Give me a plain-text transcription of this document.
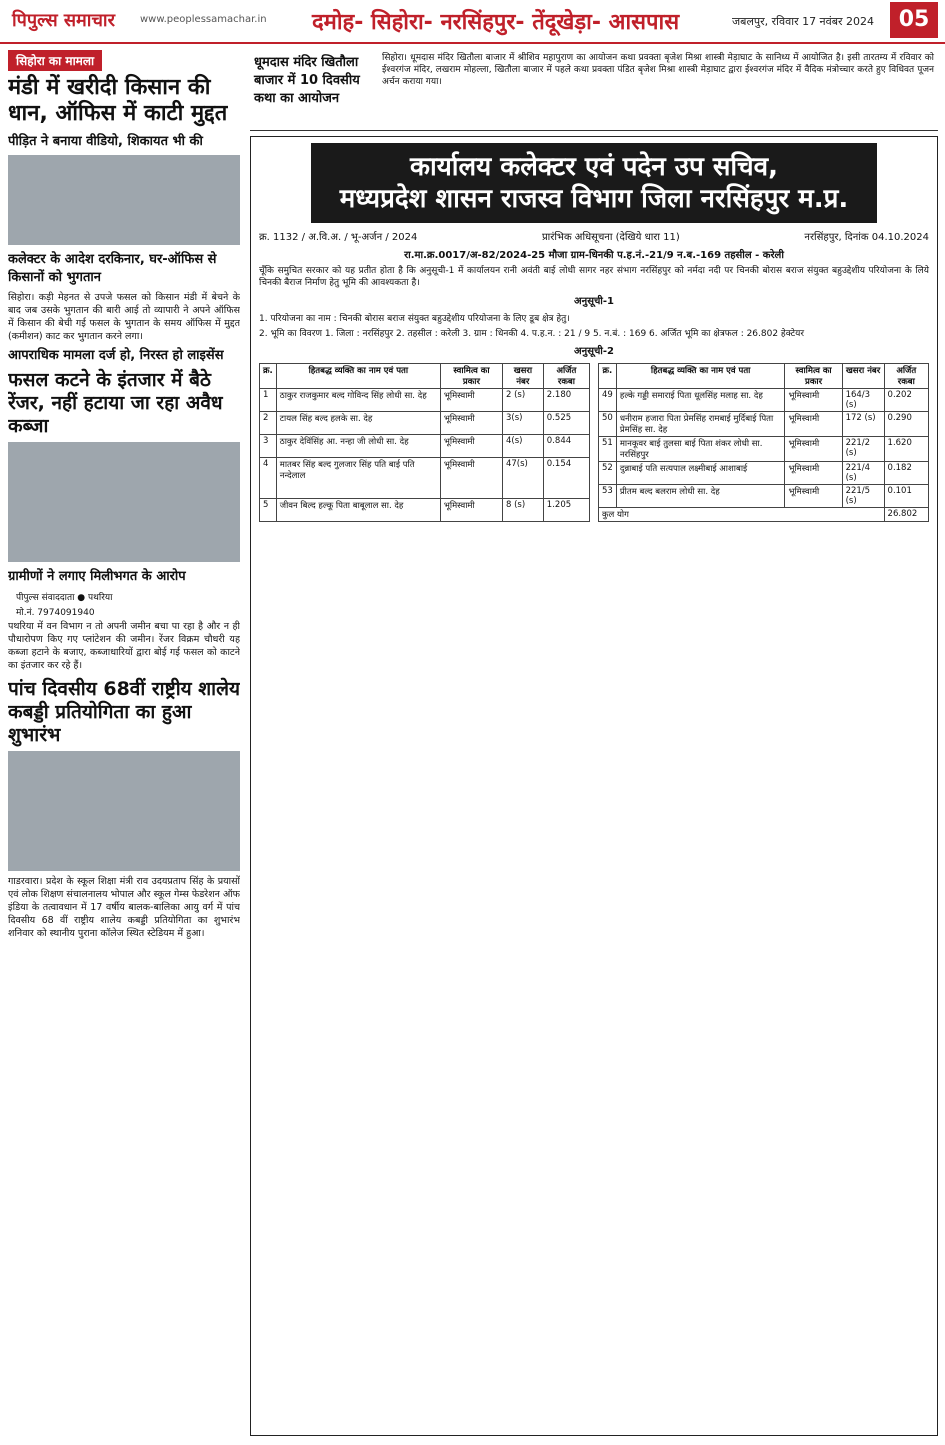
पिपुल्स समाचार	www.peoplessamachar.in दमोह- सिहोरा- नरसिंहपुर- तेंदूखेड़ा- आसपास	जबलपुर, रविवार 17 नवंबर 2024	05
सिहोरा का मामला
मंडी में खरीदी किसान की धान, ऑफिस में काटी मुद्दत
पीड़ित ने बनाया वीडियो, शिकायत भी की
कलेक्टर के आदेश दरकिनार, घर-ऑफिस से किसानों को भुगतान

सिहोरा। कड़ी मेहनत से उपजे फसल को किसान मंडी में बेचने के बाद जब उसके भुगतान की बारी आई तो व्यापारी ने अपने ऑफिस में किसान की बेची गई फसल के भुगतान के समय ऑफिस में मुद्दत (कमीशन) काट कर भुगतान करने लगा।

आपराधिक मामला दर्ज हो, निरस्त हो लाइसेंस
फसल कटने के इंतजार में बैठे रेंजर, नहीं हटाया जा रहा अवैध कब्जा
ग्रामीणों ने लगाए मिलीभगत के आरोप
पीपुल्स संवाददाता ● पथरिया
मो.नं. 7974091940

पथरिया में वन विभाग न तो अपनी जमीन बचा पा रहा है और न ही पौधारोपण किए गए प्लांटेशन की जमीन। रेंजर विक्रम चौधरी यह कब्जा हटाने के बजाए, कब्जाधारियों द्वारा बोई गई फसल को काटने का इंतजार कर रहे हैं।

पांच दिवसीय 68वीं राष्ट्रीय शालेय कबड्डी प्रतियोगिता का हुआ शुभारंभ

गाडरवारा। प्रदेश के स्कूल शिक्षा मंत्री राव उदयप्रताप सिंह के प्रयासों एवं लोक शिक्षण संचालनालय भोपाल और स्कूल गेम्स फेडरेशन ऑफ इंडिया के तत्वावधान में 17 वर्षीय बालक-बालिका आयु वर्ग में पांच दिवसीय 68 वीं राष्ट्रीय शालेय कबड्डी प्रतियोगिता का शुभारंभ शनिवार को स्थानीय पुराना कॉलेज स्थित स्टेडियम में हुआ।

धूमदास मंदिर खितौला बाजार में 10 दिवसीय कथा का आयोजन
सिहोरा। धूमदास मंदिर खितौला बाजार में श्रीशिव महापुराण का आयोजन कथा प्रवक्ता बृजेश मिश्रा शास्त्री मेड़ाघाट के सानिध्य में आयोजित है। इसी तारतम्य में रविवार को ईश्वरगंज मंदिर, लखराम मोहल्ला, खितौला बाजार में पहले कथा प्रवक्ता पंडित बृजेश मिश्रा शास्त्री मेड़ाघाट द्वारा ईश्वरगंज मंदिर में वैदिक मंत्रोच्चार करते हुए विधिवत पूजन अर्चन कराया गया।
कार्यालय कलेक्टर एवं पदेन उप सचिव,
मध्यप्रदेश शासन राजस्व विभाग जिला नरसिंहपुर म.प्र.
क्र. 1132 / अ.वि.अ. / भू-अर्जन / 2024	प्रारंभिक अधिसूचना (देखिये धारा 11)	नरसिंहपुर, दिनांक 04.10.2024
रा.मा.क्र.0017/अ-82/2024-25 मौजा ग्राम-धिनकी प.ह.नं.-21/9 न.ब.-169 तहसील - करेली

चूँकि समुचित सरकार को यह प्रतीत होता है कि अनुसूची-1 में कार्यालयन रानी अवंती बाई लोधी सागर नहर संभाग नरसिंहपुर को नर्मदा नदी पर चिनकी बोरास बराज संयुक्त बहुउद्देशीय परियोजना के लिये चिनकी बैराज निर्माण हेतु भूमि की आवश्यकता है।

अनुसूची-1
1. परियोजना का नाम : चिनकी बोरास बराज संयुक्त बहुउद्देशीय परियोजना के लिए डूब क्षेत्र हेतु।
2. भूमि का विवरण 1. जिला : नरसिंहपुर 2. तहसील : करेली 3. ग्राम : धिनकी 4. प.ह.न. : 21 / 9 5. न.बं. : 169 6. अर्जित भूमि का क्षेत्रफल : 26.802 हेक्टेयर
अनुसूची-2
क्र.	हितबद्ध व्यक्ति का नाम एवं पता	स्वामित्व का प्रकार	खसरा नंबर	अर्जित रकबा
1	ठाकुर राजकुमार बल्द गोविन्द सिंह लोधी सा. देह	भूमिस्वामी	2 (s)	2.180
2	टायल सिंह बल्द हलके सा. देह	भूमिस्वामी	3(s)	0.525
3	ठाकुर देविंसिंह आ. नन्हा जी लोधी सा. देह	भूमिस्वामी	4(s)	0.844
4	मातबर सिंह बल्द गुलजार सिंह पति बाई पति नन्देलाल	भूमिस्वामी	47(s)	0.154
5	जीवन बिल्द हल्कू पिता बाबूलाल सा. देह	भूमिस्वामी	8 (s)	1.205
क्र.	हितबद्ध व्यक्ति का नाम एवं पता	स्वामित्व का प्रकार	खसरा नंबर	अर्जित रकबा
49	हल्के गड्डी समाराई पिता धूलसिंह मलाह सा. देह	भूमिस्वामी	164/3 (s)	0.202
50	धनीराम हजारा पिता प्रेमसिंह रामबाई मुर्दिबाई पिता प्रेमसिंह सा. देह	भूमिस्वामी	172 (s)	0.290
51	मानकूवर बाई तुलसा बाई पिता शंकर लोधी सा. नरसिंहपुर	भूमिस्वामी	221/2 (s)	1.620
52	दुन्नाबाई पति सत्यपाल लक्ष्मीबाई आशाबाई	भूमिस्वामी	221/4 (s)	0.182
53	प्रीतम बल्द बलराम लोधी सा. देह	भूमिस्वामी	221/5 (s)	0.101
कुल योग				26.802
